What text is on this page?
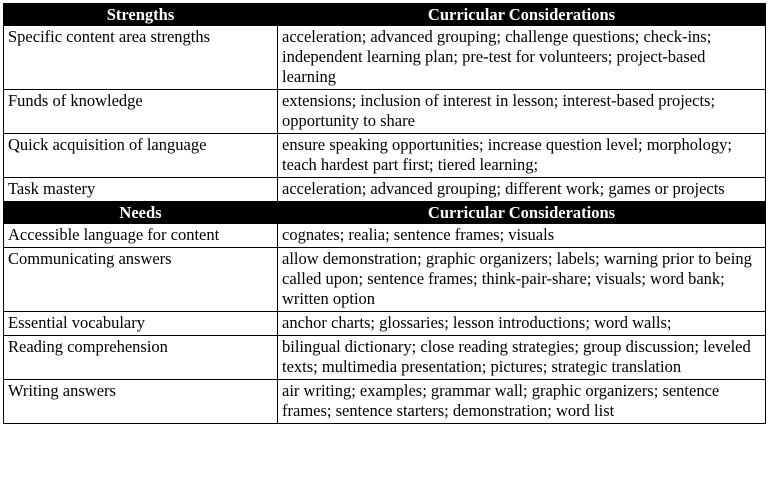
Strengths	Curricular Considerations
Specific content area strengths	acceleration; advanced grouping; challenge questions; check-ins; independent learning plan; pre-test for volunteers; project-based learning
Funds of knowledge	extensions; inclusion of interest in lesson; interest-based projects; opportunity to share
Quick acquisition of language	ensure speaking opportunities; increase question level; morphology; teach hardest part first; tiered learning;
Task mastery	acceleration; advanced grouping; different work; games or projects
Needs	Curricular Considerations
Accessible language for content	cognates; realia; sentence frames; visuals
Communicating answers	allow demonstration; graphic organizers; labels; warning prior to being called upon; sentence frames; think-pair-share; visuals; word bank; written option
Essential vocabulary	anchor charts; glossaries; lesson introductions; word walls;
Reading comprehension	bilingual dictionary; close reading strategies; group discussion; leveled texts; multimedia presentation; pictures; strategic translation
Writing answers	air writing; examples; grammar wall; graphic organizers; sentence frames; sentence starters; demonstration; word list
